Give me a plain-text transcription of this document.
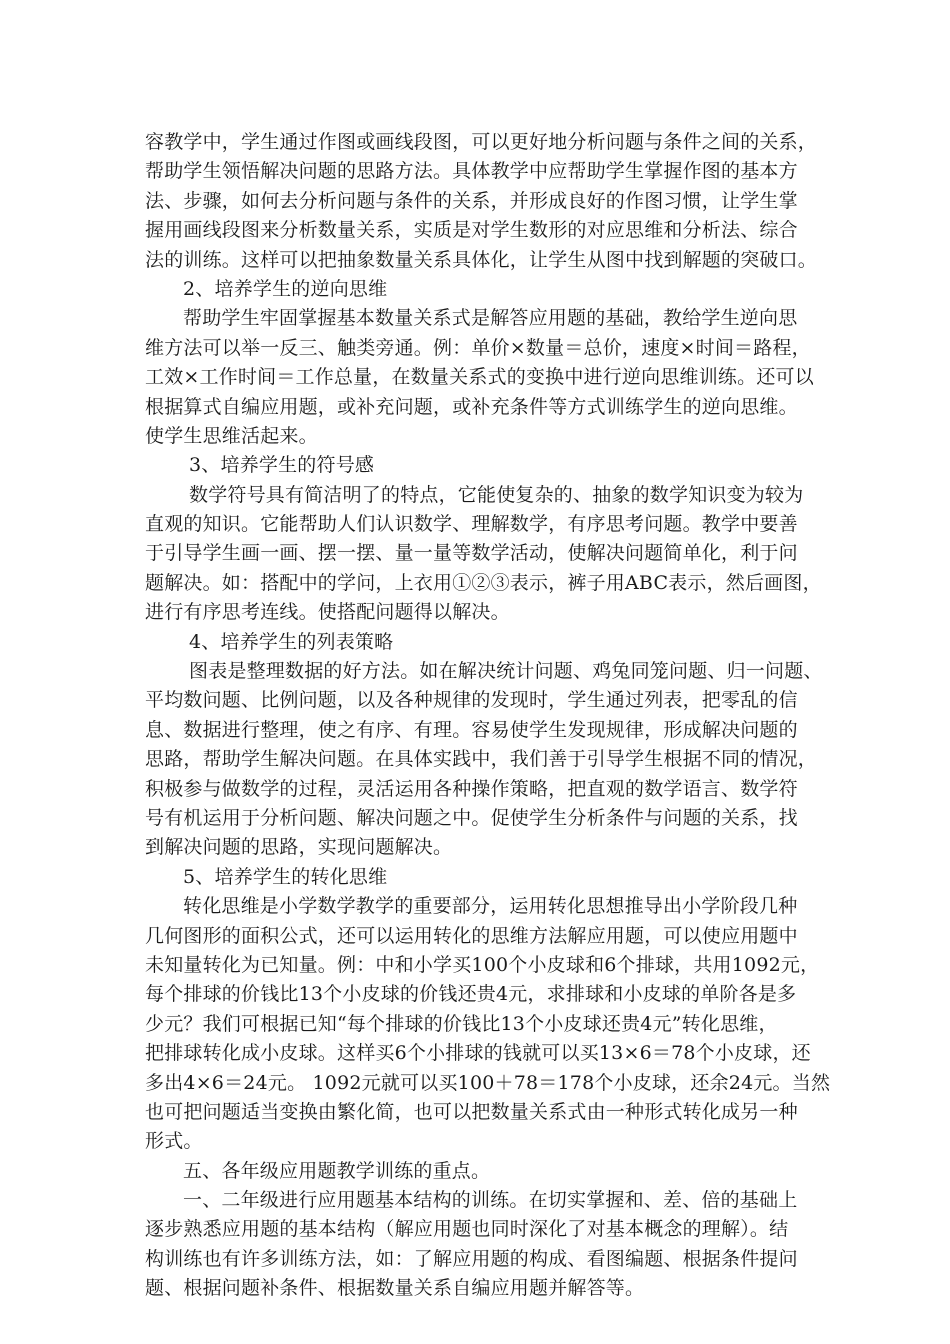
容教学中，学生通过作图或画线段图，可以更好地分析问题与条件之间的关系，
帮助学生领悟解决问题的思路方法。具体教学中应帮助学生掌握作图的基本方
法、步骤，如何去分析问题与条件的关系，并形成良好的作图习惯，让学生掌
握用画线段图来分析数量关系，实质是对学生数形的对应思维和分析法、综合
法的训练。这样可以把抽象数量关系具体化，让学生从图中找到解题的突破口。
2、培养学生的逆向思维
帮助学生牢固掌握基本数量关系式是解答应用题的基础，教给学生逆向思
维方法可以举一反三、触类旁通。例：单价×数量＝总价，速度×时间＝路程，
工效×工作时间＝工作总量，在数量关系式的变换中进行逆向思维训练。还可以
根据算式自编应用题，或补充问题，或补充条件等方式训练学生的逆向思维。
使学生思维活起来。
3、培养学生的符号感
数学符号具有简洁明了的特点，它能使复杂的、抽象的数学知识变为较为
直观的知识。它能帮助人们认识数学、理解数学，有序思考问题。教学中要善
于引导学生画一画、摆一摆、量一量等数学活动，使解决问题简单化，利于问
题解决。如：搭配中的学问，上衣用①②③表示，裤子用ABC表示，然后画图，
进行有序思考连线。使搭配问题得以解决。
4、培养学生的列表策略
图表是整理数据的好方法。如在解决统计问题、鸡兔同笼问题、归一问题、
平均数问题、比例问题，以及各种规律的发现时，学生通过列表，把零乱的信
息、数据进行整理，使之有序、有理。容易使学生发现规律，形成解决问题的
思路，帮助学生解决问题。在具体实践中，我们善于引导学生根据不同的情况，
积极参与做数学的过程，灵活运用各种操作策略，把直观的数学语言、数学符
号有机运用于分析问题、解决问题之中。促使学生分析条件与问题的关系，找
到解决问题的思路，实现问题解决。
5、培养学生的转化思维
转化思维是小学数学教学的重要部分，运用转化思想推导出小学阶段几种
几何图形的面积公式，还可以运用转化的思维方法解应用题，可以使应用题中
未知量转化为已知量。例：中和小学买100个小皮球和6个排球，共用1092元，
每个排球的价钱比13个小皮球的价钱还贵4元，求排球和小皮球的单阶各是多
少元？我们可根据已知“每个排球的价钱比13个小皮球还贵4元”转化思维，
把排球转化成小皮球。这样买6个小排球的钱就可以买13×6＝78个小皮球，还
多出4×6＝24元。 1092元就可以买100＋78＝178个小皮球，还余24元。当然
也可把问题适当变换由繁化简，也可以把数量关系式由一种形式转化成另一种
形式。
五、各年级应用题教学训练的重点。
一、二年级进行应用题基本结构的训练。在切实掌握和、差、倍的基础上
逐步熟悉应用题的基本结构（解应用题也同时深化了对基本概念的理解）。结
构训练也有许多训练方法，如：了解应用题的构成、看图编题、根据条件提问
题、根据问题补条件、根据数量关系自编应用题并解答等。
